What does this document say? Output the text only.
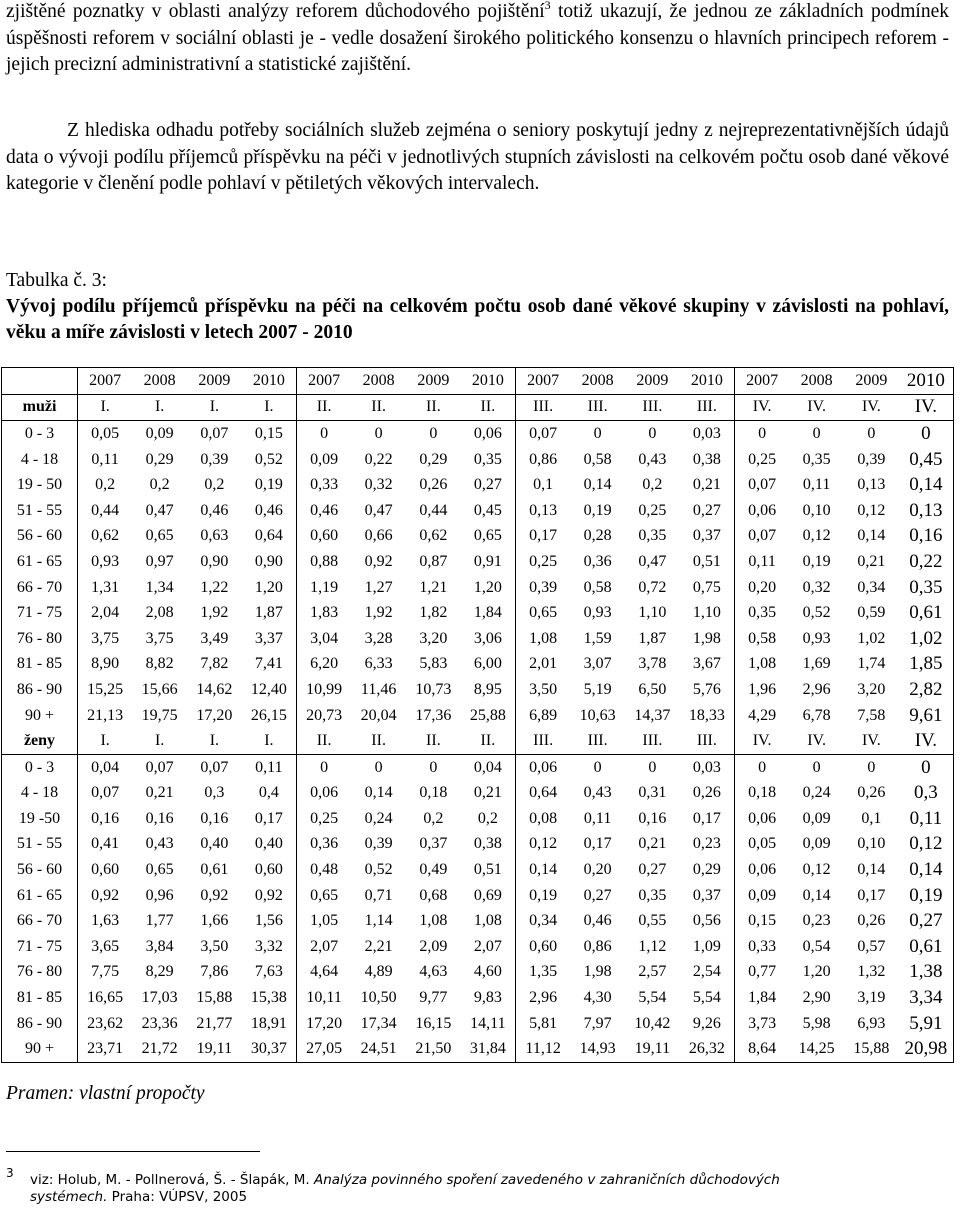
zjištěné poznatky v oblasti analýzy reforem důchodového pojištění$^3$ totiž ukazují, že jednou ze základních podmínek úspěšnosti reforem v sociální oblasti je - vedle dosažení širokého politického konsenzu o hlavních principech reforem - jejich precizní administrativní a statistické zajištění.

Z hlediska odhadu potřeby sociálních služeb zejména o seniory poskytují jedny z nejreprezentativnějších údajů data o vývoji podílu příjemců příspěvku na péči v jednotlivých stupních závislosti na celkovém počtu osob dané věkové kategorie v členění podle pohlaví v pětiletých věkových intervalech.

Tabulka č. 3:

Vývoj podílu příjemců příspěvku na péči na celkovém počtu osob dané věkové skupiny v závislosti na pohlaví, věku a míře závislosti v letech 2007 - 2010

	2007	2008	2009	2010	2007	2008	2009	2010	2007	2008	2009	2010	2007	2008	2009	2010
muži	I.	I.	I.	I.	II.	II.	II.	II.	III.	III.	III.	III.	IV.	IV.	IV.	IV.
0 - 3	0,05	0,09	0,07	0,15	0	0	0	0,06	0,07	0	0	0,03	0	0	0	0
4 - 18	0,11	0,29	0,39	0,52	0,09	0,22	0,29	0,35	0,86	0,58	0,43	0,38	0,25	0,35	0,39	0,45
19 - 50	0,2	0,2	0,2	0,19	0,33	0,32	0,26	0,27	0,1	0,14	0,2	0,21	0,07	0,11	0,13	0,14
51 - 55	0,44	0,47	0,46	0,46	0,46	0,47	0,44	0,45	0,13	0,19	0,25	0,27	0,06	0,10	0,12	0,13
56 - 60	0,62	0,65	0,63	0,64	0,60	0,66	0,62	0,65	0,17	0,28	0,35	0,37	0,07	0,12	0,14	0,16
61 - 65	0,93	0,97	0,90	0,90	0,88	0,92	0,87	0,91	0,25	0,36	0,47	0,51	0,11	0,19	0,21	0,22
66 - 70	1,31	1,34	1,22	1,20	1,19	1,27	1,21	1,20	0,39	0,58	0,72	0,75	0,20	0,32	0,34	0,35
71 - 75	2,04	2,08	1,92	1,87	1,83	1,92	1,82	1,84	0,65	0,93	1,10	1,10	0,35	0,52	0,59	0,61
76 - 80	3,75	3,75	3,49	3,37	3,04	3,28	3,20	3,06	1,08	1,59	1,87	1,98	0,58	0,93	1,02	1,02
81 - 85	8,90	8,82	7,82	7,41	6,20	6,33	5,83	6,00	2,01	3,07	3,78	3,67	1,08	1,69	1,74	1,85
86 - 90	15,25	15,66	14,62	12,40	10,99	11,46	10,73	8,95	3,50	5,19	6,50	5,76	1,96	2,96	3,20	2,82
90 +	21,13	19,75	17,20	26,15	20,73	20,04	17,36	25,88	6,89	10,63	14,37	18,33	4,29	6,78	7,58	9,61
ženy	I.	I.	I.	I.	II.	II.	II.	II.	III.	III.	III.	III.	IV.	IV.	IV.	IV.
0 - 3	0,04	0,07	0,07	0,11	0	0	0	0,04	0,06	0	0	0,03	0	0	0	0
4 - 18	0,07	0,21	0,3	0,4	0,06	0,14	0,18	0,21	0,64	0,43	0,31	0,26	0,18	0,24	0,26	0,3
19 -50	0,16	0,16	0,16	0,17	0,25	0,24	0,2	0,2	0,08	0,11	0,16	0,17	0,06	0,09	0,1	0,11
51 - 55	0,41	0,43	0,40	0,40	0,36	0,39	0,37	0,38	0,12	0,17	0,21	0,23	0,05	0,09	0,10	0,12
56 - 60	0,60	0,65	0,61	0,60	0,48	0,52	0,49	0,51	0,14	0,20	0,27	0,29	0,06	0,12	0,14	0,14
61 - 65	0,92	0,96	0,92	0,92	0,65	0,71	0,68	0,69	0,19	0,27	0,35	0,37	0,09	0,14	0,17	0,19
66 - 70	1,63	1,77	1,66	1,56	1,05	1,14	1,08	1,08	0,34	0,46	0,55	0,56	0,15	0,23	0,26	0,27
71 - 75	3,65	3,84	3,50	3,32	2,07	2,21	2,09	2,07	0,60	0,86	1,12	1,09	0,33	0,54	0,57	0,61
76 - 80	7,75	8,29	7,86	7,63	4,64	4,89	4,63	4,60	1,35	1,98	2,57	2,54	0,77	1,20	1,32	1,38
81 - 85	16,65	17,03	15,88	15,38	10,11	10,50	9,77	9,83	2,96	4,30	5,54	5,54	1,84	2,90	3,19	3,34
86 - 90	23,62	23,36	21,77	18,91	17,20	17,34	16,15	14,11	5,81	7,97	10,42	9,26	3,73	5,98	6,93	5,91
90 +	23,71	21,72	19,11	30,37	27,05	24,51	21,50	31,84	11,12	14,93	19,11	26,32	8,64	14,25	15,88	20,98

Pramen: vlastní propočty

3 viz: Holub, M. - Pollnerová, Š. - Šlapák, M. Analýza povinného spoření zavedeného v zahraničních důchodových systémech. Praha: VÚPSV, 2005
